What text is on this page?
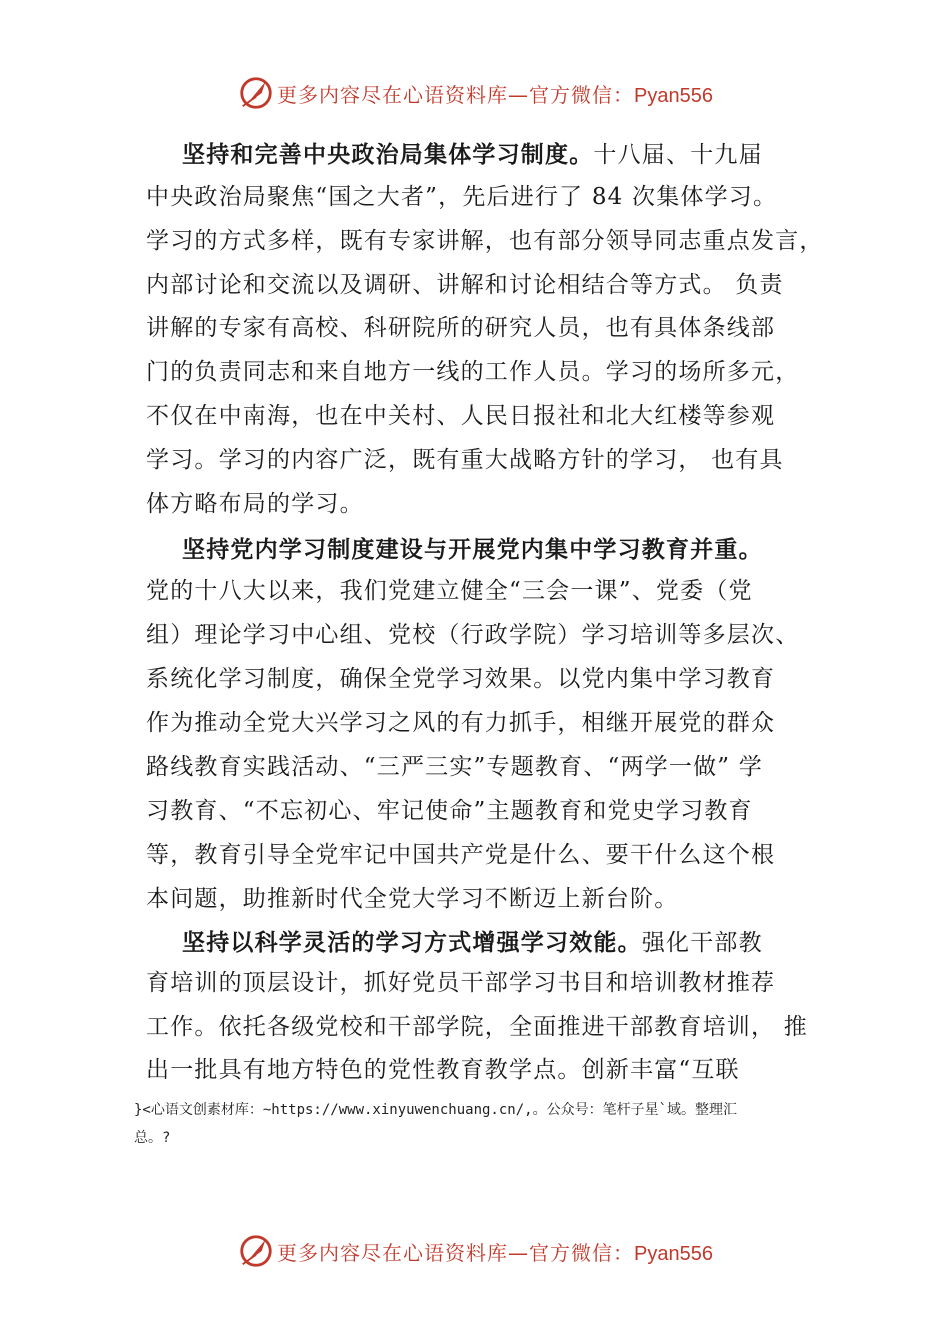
更多内容尽在心语资料库—官方微信：Pyan556
坚持和完善中央政治局集体学习制度。十八届、十九届
中央政治局聚焦“国之大者”，先后进行了 84 次集体学习。
学习的方式多样，既有专家讲解，也有部分领导同志重点发言，
内部讨论和交流以及调研、讲解和讨论相结合等方式。 负责
讲解的专家有高校、科研院所的研究人员，也有具体条线部
门的负责同志和来自地方一线的工作人员。学习的场所多元，
不仅在中南海，也在中关村、人民日报社和北大红楼等参观
学习。学习的内容广泛，既有重大战略方针的学习， 也有具
体方略布局的学习。
坚持党内学习制度建设与开展党内集中学习教育并重。
党的十八大以来，我们党建立健全“三会一课”、党委（党
组）理论学习中心组、党校（行政学院）学习培训等多层次、
系统化学习制度，确保全党学习效果。以党内集中学习教育
作为推动全党大兴学习之风的有力抓手，相继开展党的群众
路线教育实践活动、“三严三实”专题教育、“两学一做” 学
习教育、“不忘初心、牢记使命”主题教育和党史学习教育
等，教育引导全党牢记中国共产党是什么、要干什么这个根
本问题，助推新时代全党大学习不断迈上新台阶。
坚持以科学灵活的学习方式增强学习效能。强化干部教
育培训的顶层设计，抓好党员干部学习书目和培训教材推荐
工作。依托各级党校和干部学院，全面推进干部教育培训， 推
出一批具有地方特色的党性教育教学点。创新丰富“互联
}<心语文创素材库：~https://www.xinyuwenchuang.cn/,。公众号：笔杆子星`域。整理汇
总。?
更多内容尽在心语资料库—官方微信：Pyan556
